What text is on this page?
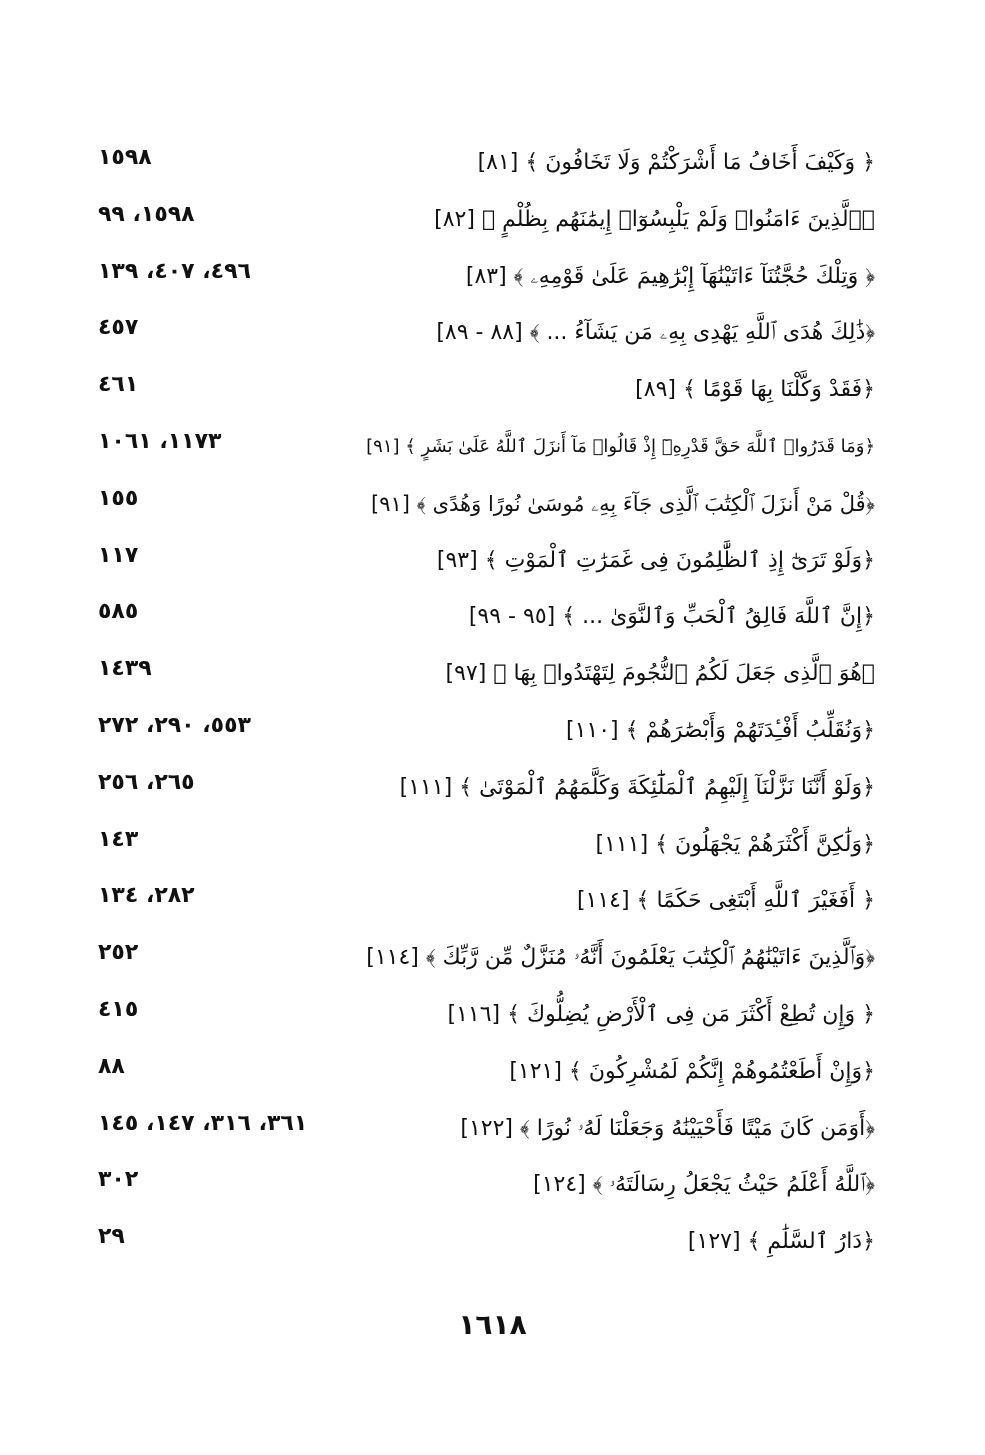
﴿ وَكَيْفَ أَخَافُ مَا أَشْرَكْتُمْ وَلَا تَخَافُونَ ﴾ [٨١]
١٥٩٨
﴿ٱلَّذِينَ ءَامَنُوا۟ وَلَمْ يَلْبِسُوٓا۟ إِيمَٰنَهُم بِظُلْمٍ ﴾ [٨٢]
١٥٩٨، ٩٩
﴿ وَتِلْكَ حُجَّتُنَآ ءَاتَيْنَٰهَآ إِبْرَٰهِيمَ عَلَىٰ قَوْمِهِۦ ﴾ [٨٣]
٤٩٦، ٤٠٧، ١٣٩
﴿ذَٰلِكَ هُدَى ٱللَّهِ يَهْدِى بِهِۦ مَن يَشَآءُ ... ﴾ [٨٨ - ٨٩]
٤٥٧
﴿فَقَدْ وَكَّلْنَا بِهَا قَوْمًا ﴾ [٨٩]
٤٦١
﴿وَمَا قَدَرُوا۟ ٱللَّهَ حَقَّ قَدْرِهِۦٓ إِذْ قَالُوا۟ مَآ أَنزَلَ ٱللَّهُ عَلَىٰ بَشَرٍ ﴾ [٩١]
١١٧٣، ١٠٦١
﴿قُلْ مَنْ أَنزَلَ ٱلْكِتَٰبَ ٱلَّذِى جَآءَ بِهِۦ مُوسَىٰ نُورًا وَهُدًى ﴾ [٩١]
١٥٥
﴿وَلَوْ تَرَىٰٓ إِذِ ٱلظَّٰلِمُونَ فِى غَمَرَٰتِ ٱلْمَوْتِ ﴾ [٩٣]
١١٧
﴿إِنَّ ٱللَّهَ فَالِقُ ٱلْحَبِّ وَٱلنَّوَىٰ ... ﴾ [٩٥ - ٩٩]
٥٨٥
﴿هُوَ ٱلَّذِى جَعَلَ لَكُمُ ٱلنُّجُومَ لِتَهْتَدُوا۟ بِهَا ﴾ [٩٧]
١٤٣٩
﴿وَنُقَلِّبُ أَفْـِٔدَتَهُمْ وَأَبْصَٰرَهُمْ ﴾ [١١٠]
٥٥٣، ٢٩٠، ٢٧٢
﴿وَلَوْ أَنَّنَا نَزَّلْنَآ إِلَيْهِمُ ٱلْمَلَٰٓئِكَةَ وَكَلَّمَهُمُ ٱلْمَوْتَىٰ ﴾ [١١١]
٢٦٥، ٢٥٦
﴿وَلَٰكِنَّ أَكْثَرَهُمْ يَجْهَلُونَ ﴾ [١١١]
١٤٣
﴿ أَفَغَيْرَ ٱللَّهِ أَبْتَغِى حَكَمًا ﴾ [١١٤]
٢٨٢، ١٣٤
﴿وَٱلَّذِينَ ءَاتَيْنَٰهُمُ ٱلْكِتَٰبَ يَعْلَمُونَ أَنَّهُۥ مُنَزَّلٌ مِّن رَّبِّكَ ﴾ [١١٤]
٢٥٢
﴿ وَإِن تُطِعْ أَكْثَرَ مَن فِى ٱلْأَرْضِ يُضِلُّوكَ ﴾ [١١٦]
٤١٥
﴿وَإِنْ أَطَعْتُمُوهُمْ إِنَّكُمْ لَمُشْرِكُونَ ﴾ [١٢١]
٨٨
﴿أَوَمَن كَانَ مَيْتًا فَأَحْيَيْنَٰهُ وَجَعَلْنَا لَهُۥ نُورًا ﴾ [١٢٢]
٣٦١، ٣١٦، ١٤٧، ١٤٥
﴿ٱللَّهُ أَعْلَمُ حَيْثُ يَجْعَلُ رِسَالَتَهُۥ ﴾ [١٢٤]
٣٠٢
﴿دَارُ ٱلسَّلَٰمِ ﴾ [١٢٧]
٢٩
١٦١٨
